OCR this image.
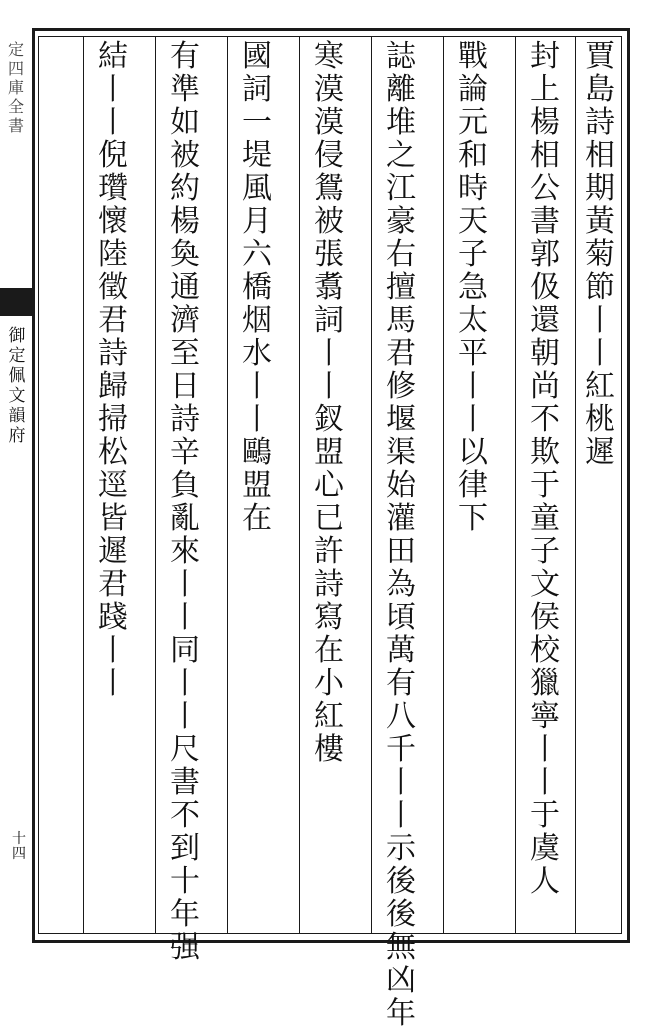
定四庫全書
御定佩文韻府
十四
賈
島
詩
相
期
黃
菊
節
丨
丨
紅
桃
遲
封
上
楊
相
公
書
郭
伋
還
朝
尚
不
欺
于
童
子
文
侯
校
獵
寧
丨
丨
于
虞
人
戰
論
元
和
時
天
子
急
太
平
丨
丨
以
律
下
誌
離
堆
之
江
豪
右
擅
馬
君
修
堰
渠
始
灌
田
為
頃
萬
有
八
千
丨
丨
示
後
後
無
凶
年
寒
漠
漠
侵
鴛
被
張
翥
詞
丨
丨
釵
盟
心
已
許
詩
寫
在
小
紅
樓
國
詞
一
堤
風
月
六
橋
烟
水
丨
丨
鷗
盟
在
有
準
如
被
約
楊
奐
通
濟
至
日
詩
辛
負
亂
來
丨
丨
同
丨
丨
尺
書
不
到
十
年
强
結
丨
丨
倪
瓚
懷
陸
徵
君
詩
歸
掃
松
逕
皆
遲
君
踐
丨
丨
